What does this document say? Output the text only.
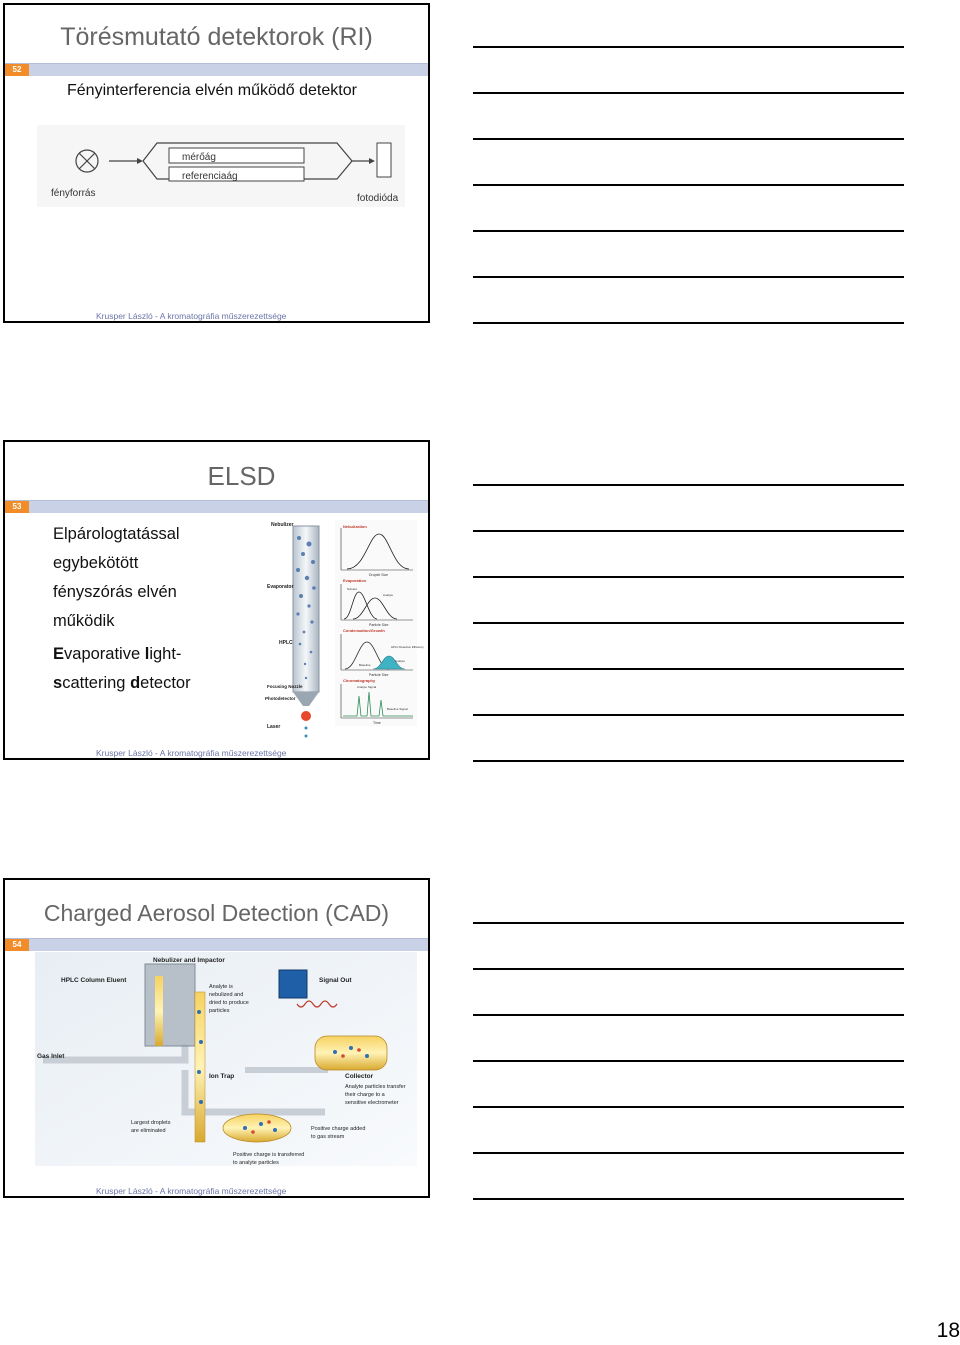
Törésmutató detektorok (RI)
52
Fényinterferencia elvén működő detektor
mérőág
referenciaág
fényforrás	fotodióda
Krusper László - A kromatográfia műszerezettsége
ELSD
53
Elpárologtatással
egybekötött
fényszórás elvén
működik
Evaporative light-
scattering detector
Nebulizer
Evaporator
HPLC
Focusing Nozzle
Photodetector
Laser
Nebulization
Droplet Size
Evaporation
Solvent
Analyte
Particle Size
Condensation/Growth
HPLC Detection Efficiency
Baseline
Analyte
Particle Size
Chromatography
Analyte Signal
Baseline Signal
Time
Krusper László - A kromatográfia műszerezettsége
Charged Aerosol Detection (CAD)
54
Nebulizer and Impactor
HPLC Column Eluent
Analyte is
nebulized and
dried to produce
particles
Signal Out
Gas Inlet
Ion Trap	Collector
Analyte particles transfer
their charge to a
sensitive electrometer
Largest droplets
are eliminated	Positive charge added
to gas stream
Positive charge is transferred
to analyte particles
Krusper László - A kromatográfia műszerezettsége
18
